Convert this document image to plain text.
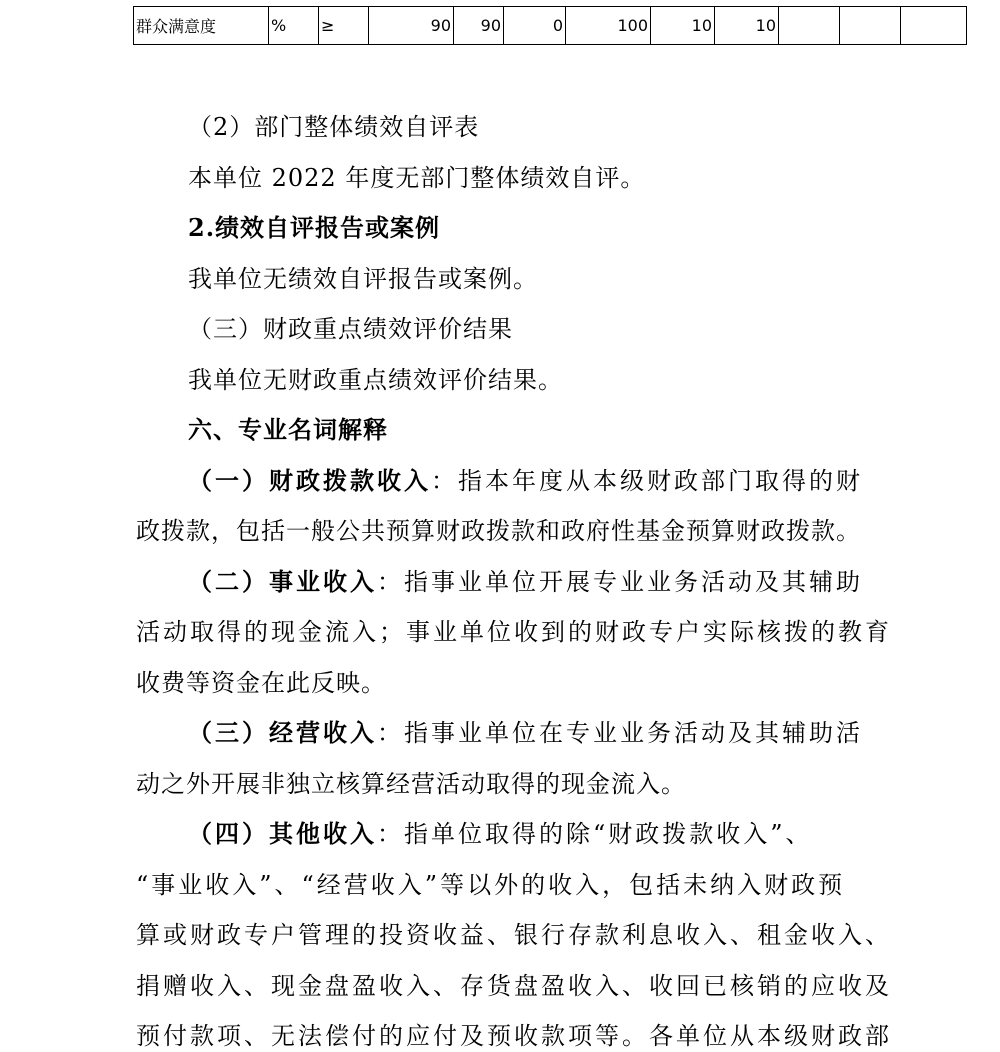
群众满意度	%	≥	90	90	0	100	10	10			
（2）部门整体绩效自评表
本单位 2022 年度无部门整体绩效自评。
2.绩效自评报告或案例
我单位无绩效自评报告或案例。
（三）财政重点绩效评价结果
我单位无财政重点绩效评价结果。
六、专业名词解释
（一）财政拨款收入：指本年度从本级财政部门取得的财
政拨款，包括一般公共预算财政拨款和政府性基金预算财政拨款。
（二）事业收入：指事业单位开展专业业务活动及其辅助
活动取得的现金流入；事业单位收到的财政专户实际核拨的教育
收费等资金在此反映。
（三）经营收入：指事业单位在专业业务活动及其辅助活
动之外开展非独立核算经营活动取得的现金流入。
（四）其他收入：指单位取得的除“财政拨款收入”、
“事业收入”、“经营收入”等以外的收入，包括未纳入财政预
算或财政专户管理的投资收益、银行存款利息收入、租金收入、
捐赠收入、现金盘盈收入、存货盘盈收入、收回已核销的应收及
预付款项、无法偿付的应付及预收款项等。各单位从本级财政部
